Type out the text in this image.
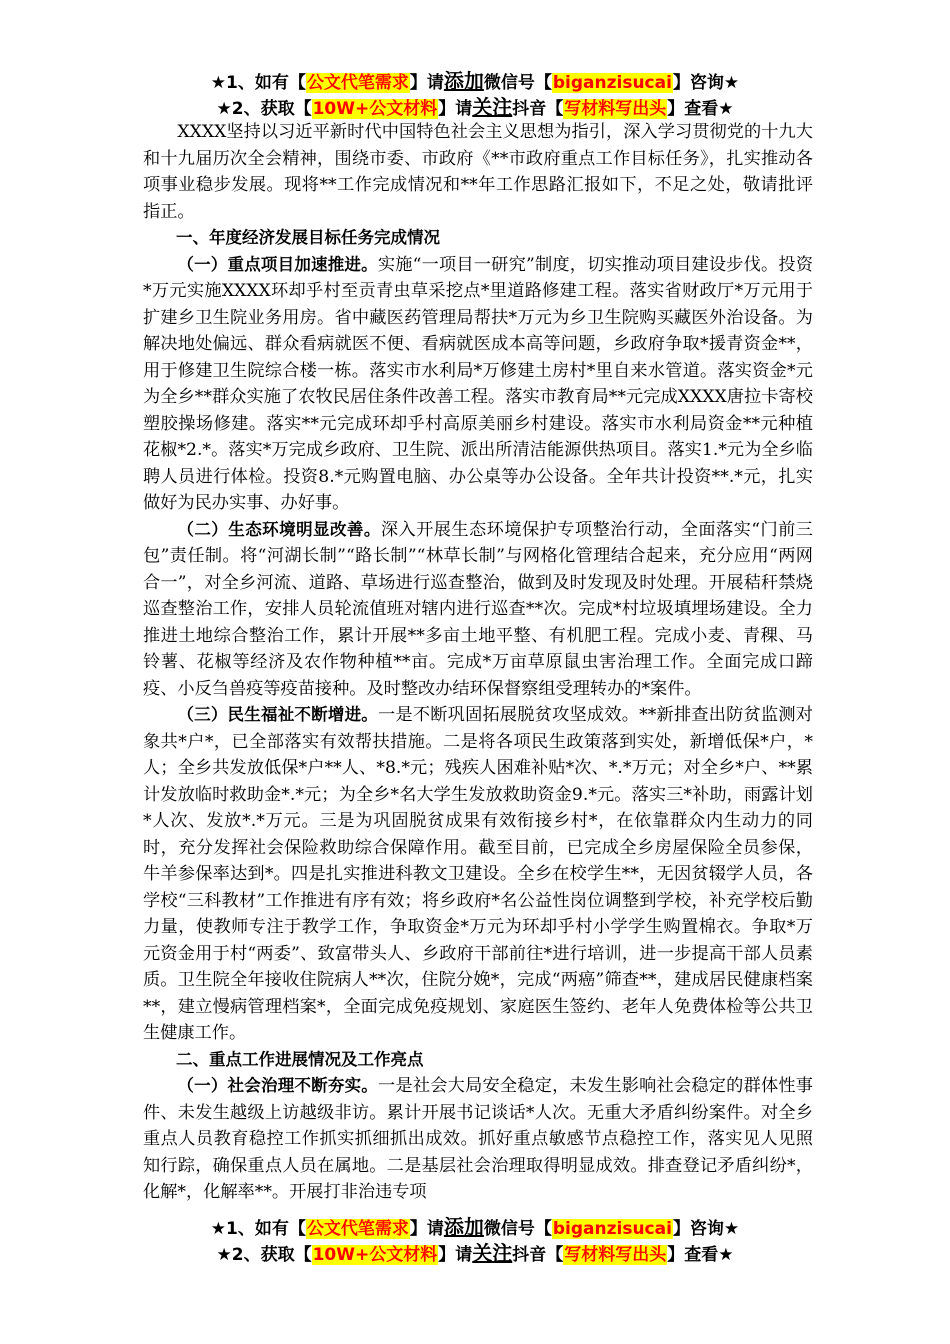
★1、如有【公文代笔需求】请添加微信号【biganzisucai】咨询★
★2、获取【10W+公文材料】请关注抖音【写材料写出头】查看★

XXXX坚持以习近平新时代中国特色社会主义思想为指引，深入学习贯彻党的十九大和十九届历次全会精神，围绕市委、市政府《**市政府重点工作目标任务》，扎实推动各项事业稳步发展。现将**工作完成情况和**年工作思路汇报如下，不足之处，敬请批评指正。

一、年度经济发展目标任务完成情况

（一）重点项目加速推进。实施“一项目一研究”制度，切实推动项目建设步伐。投资*万元实施XXXX环却乎村至贡青虫草采挖点*里道路修建工程。落实省财政厅*万元用于扩建乡卫生院业务用房。省中藏医药管理局帮扶*万元为乡卫生院购买藏医外治设备。为解决地处偏远、群众看病就医不便、看病就医成本高等问题，乡政府争取*援青资金**，用于修建卫生院综合楼一栋。落实市水利局*万修建土房村*里自来水管道。落实资金*元为全乡**群众实施了农牧民居住条件改善工程。落实市教育局**元完成XXXX唐拉卡寄校塑胶操场修建。落实**元完成环却乎村高原美丽乡村建设。落实市水利局资金**元种植花椒*2.*。落实*万完成乡政府、卫生院、派出所清洁能源供热项目。落实1.*元为全乡临聘人员进行体检。投资8.*元购置电脑、办公桌等办公设备。全年共计投资**.*元，扎实做好为民办实事、办好事。

（二）生态环境明显改善。深入开展生态环境保护专项整治行动，全面落实“门前三包”责任制。将“河湖长制”“路长制”“林草长制”与网格化管理结合起来，充分应用“两网合一”，对全乡河流、道路、草场进行巡查整治，做到及时发现及时处理。开展秸秆禁烧巡查整治工作，安排人员轮流值班对辖内进行巡查**次。完成*村垃圾填埋场建设。全力推进土地综合整治工作，累计开展**多亩土地平整、有机肥工程。完成小麦、青稞、马铃薯、花椒等经济及农作物种植**亩。完成*万亩草原鼠虫害治理工作。全面完成口蹄疫、小反刍兽疫等疫苗接种。及时整改办结环保督察组受理转办的*案件。

（三）民生福祉不断增进。一是不断巩固拓展脱贫攻坚成效。**新排查出防贫监测对象共*户*，已全部落实有效帮扶措施。二是将各项民生政策落到实处，新增低保*户，*人；全乡共发放低保*户**人、*8.*元；残疾人困难补贴*次、*.*万元；对全乡*户、**累计发放临时救助金*.*元；为全乡*名大学生发放救助资金9.*元。落实三*补助，雨露计划*人次、发放*.*万元。三是为巩固脱贫成果有效衔接乡村*，在依靠群众内生动力的同时，充分发挥社会保险救助综合保障作用。截至目前，已完成全乡房屋保险全员参保，牛羊参保率达到*。四是扎实推进科教文卫建设。全乡在校学生**，无因贫辍学人员，各学校“三科教材”工作推进有序有效；将乡政府*名公益性岗位调整到学校，补充学校后勤力量，使教师专注于教学工作，争取资金*万元为环却乎村小学学生购置棉衣。争取*万元资金用于村“两委”、致富带头人、乡政府干部前往*进行培训，进一步提高干部人员素质。卫生院全年接收住院病人**次，住院分娩*，完成“两癌”筛查**，建成居民健康档案**，建立慢病管理档案*，全面完成免疫规划、家庭医生签约、老年人免费体检等公共卫生健康工作。

二、重点工作进展情况及工作亮点

（一）社会治理不断夯实。一是社会大局安全稳定，未发生影响社会稳定的群体性事件、未发生越级上访越级非访。累计开展书记谈话*人次。无重大矛盾纠纷案件。对全乡重点人员教育稳控工作抓实抓细抓出成效。抓好重点敏感节点稳控工作，落实见人见照知行踪，确保重点人员在属地。二是基层社会治理取得明显成效。排查登记矛盾纠纷*，化解*，化解率**。开展打非治违专项

★1、如有【公文代笔需求】请添加微信号【biganzisucai】咨询★
★2、获取【10W+公文材料】请关注抖音【写材料写出头】查看★
